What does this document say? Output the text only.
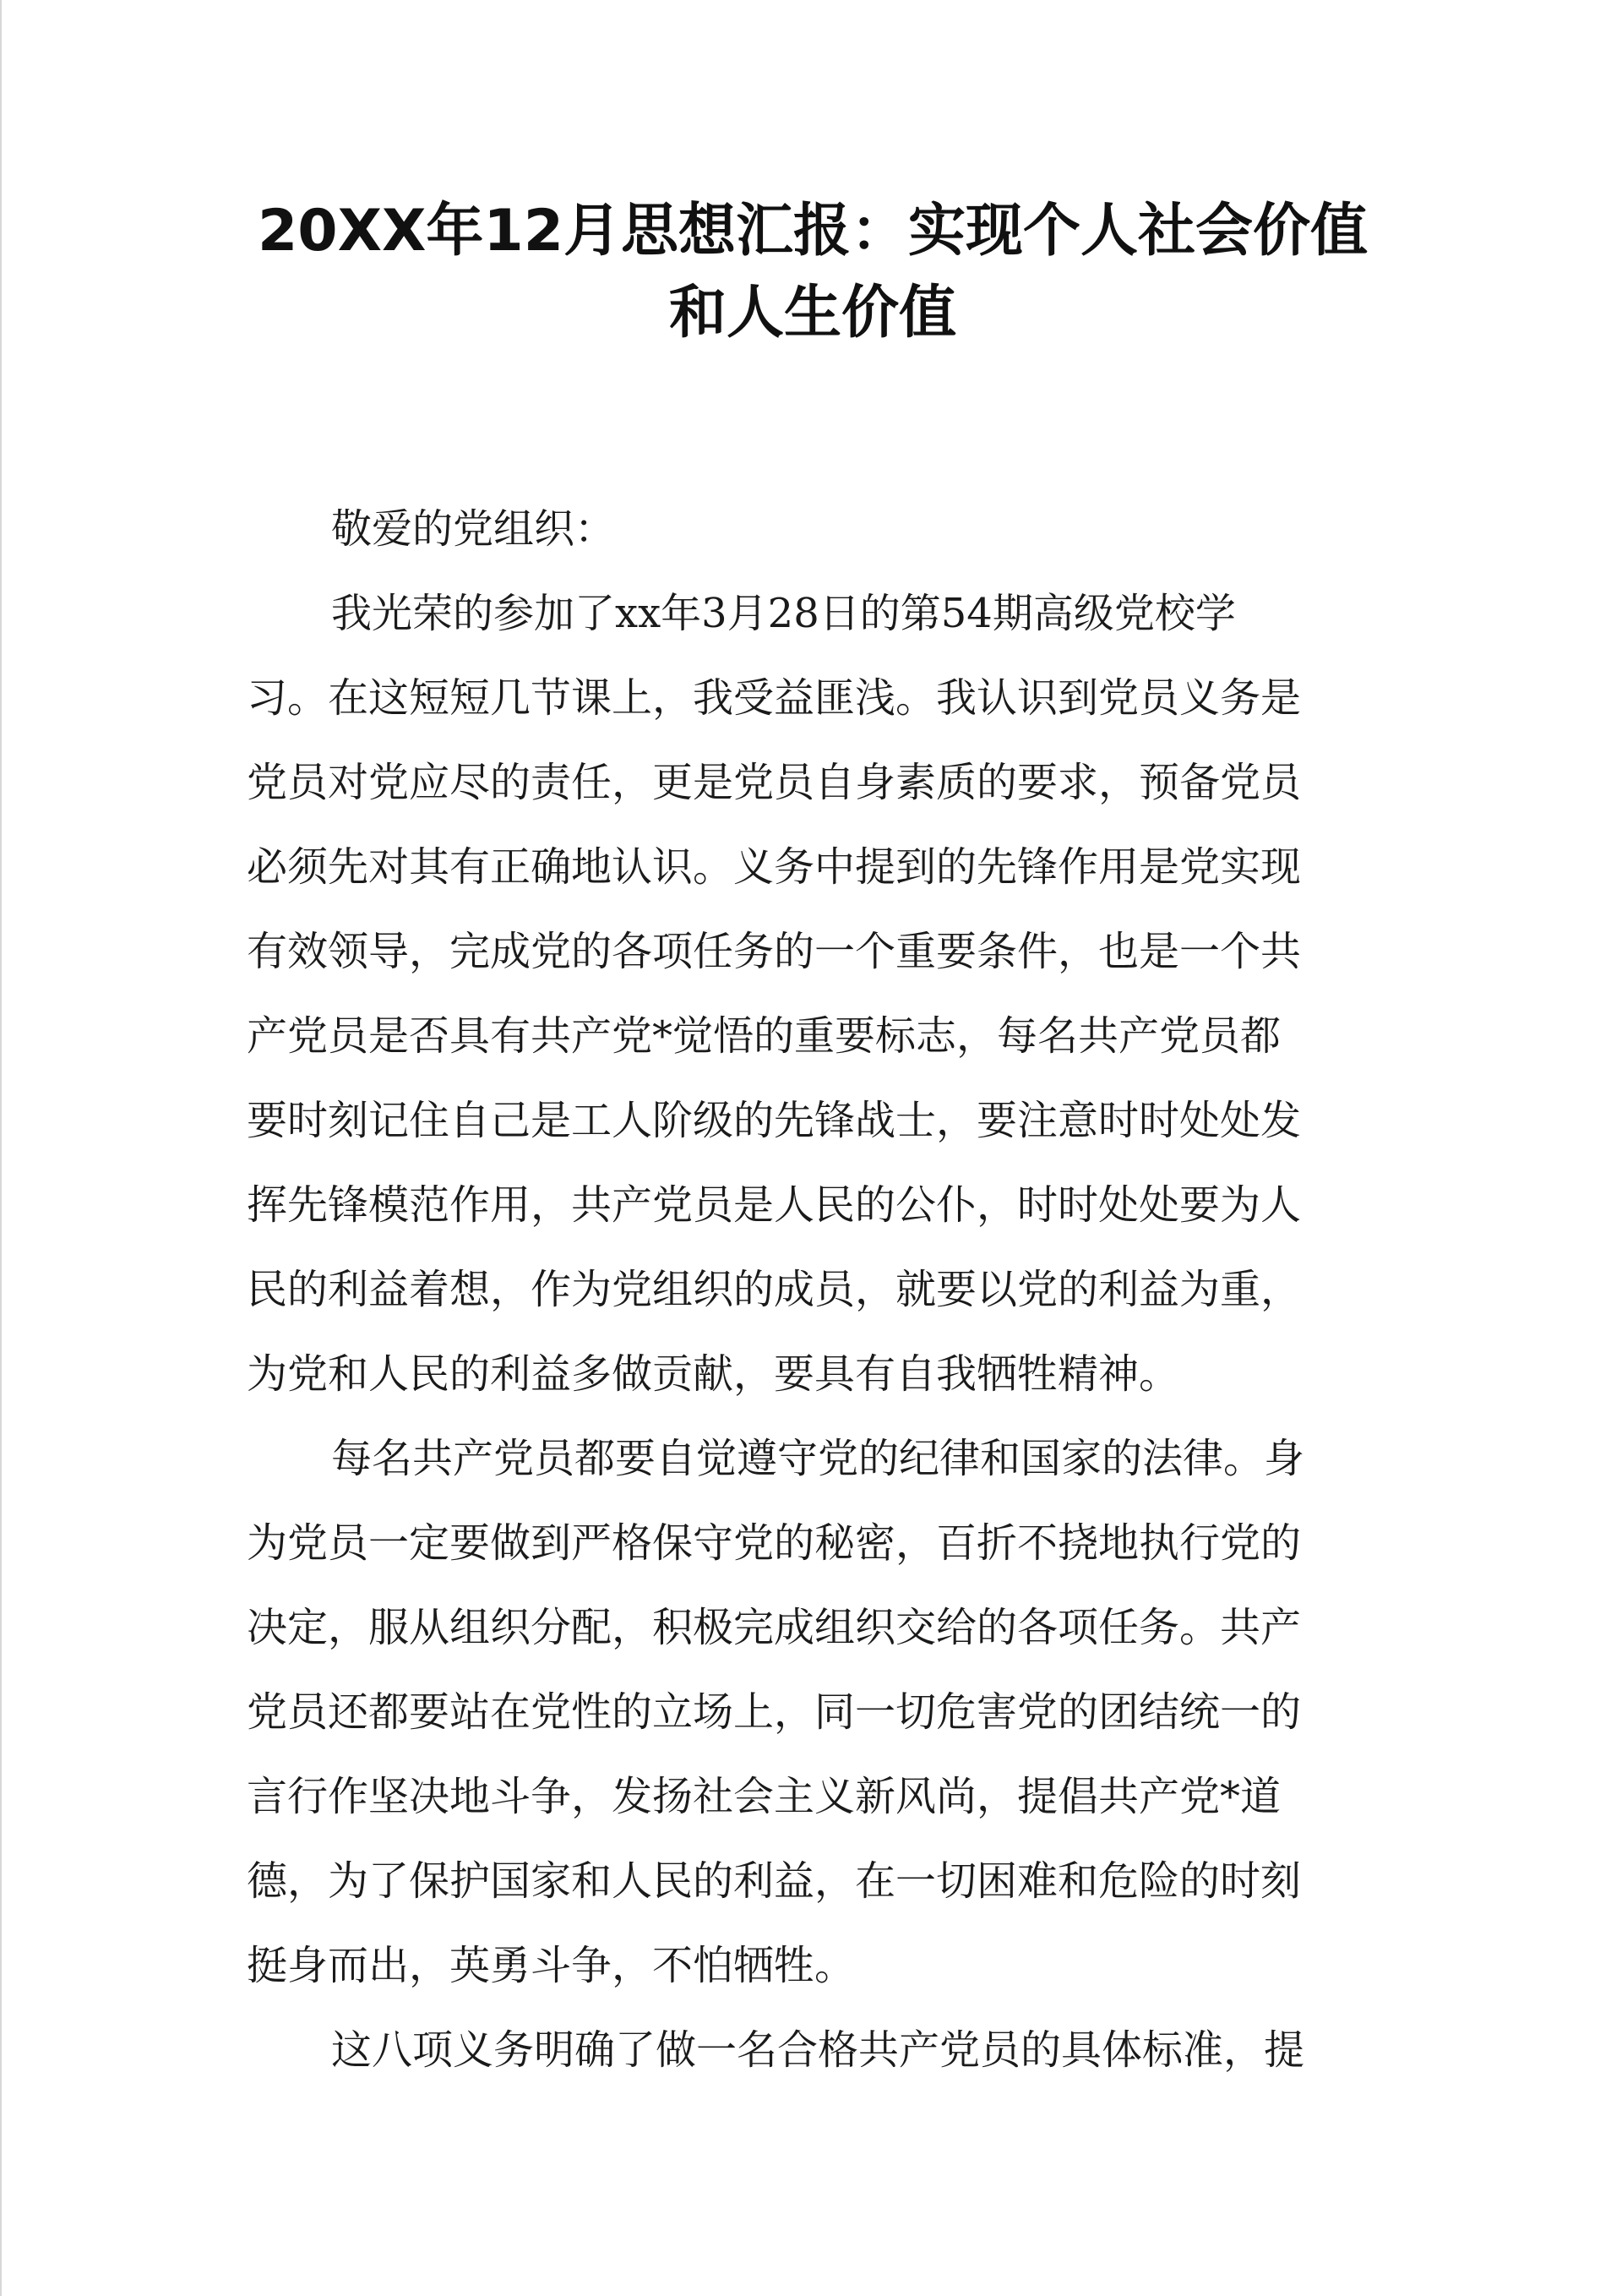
20XX年12月思想汇报：实现个人社会价值
和人生价值
敬爱的党组织：
我光荣的参加了xx年3月28日的第54期高级党校学
习。在这短短几节课上，我受益匪浅。我认识到党员义务是
党员对党应尽的责任，更是党员自身素质的要求，预备党员
必须先对其有正确地认识。义务中提到的先锋作用是党实现
有效领导，完成党的各项任务的一个重要条件，也是一个共
产党员是否具有共产党*觉悟的重要标志，每名共产党员都
要时刻记住自己是工人阶级的先锋战士，要注意时时处处发
挥先锋模范作用，共产党员是人民的公仆，时时处处要为人
民的利益着想，作为党组织的成员，就要以党的利益为重，
为党和人民的利益多做贡献，要具有自我牺牲精神。
每名共产党员都要自觉遵守党的纪律和国家的法律。身
为党员一定要做到严格保守党的秘密，百折不挠地执行党的
决定，服从组织分配，积极完成组织交给的各项任务。共产
党员还都要站在党性的立场上，同一切危害党的团结统一的
言行作坚决地斗争，发扬社会主义新风尚，提倡共产党*道
德，为了保护国家和人民的利益，在一切困难和危险的时刻
挺身而出，英勇斗争，不怕牺牲。
这八项义务明确了做一名合格共产党员的具体标准，提
